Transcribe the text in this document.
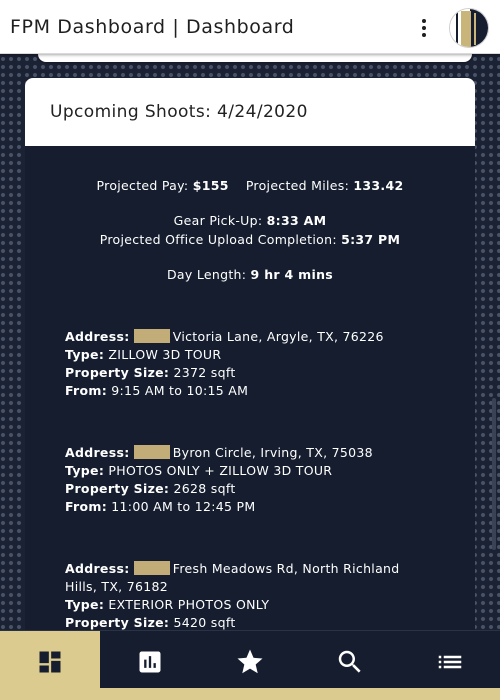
FPM Dashboard | Dashboard
Upcoming Shoots: 4/24/2020
Projected Pay: $155 Projected Miles: 133.42
Gear Pick-Up: 8:33 AM
Projected Office Upload Completion: 5:37 PM
Day Length: 9 hr 4 mins
Address:	Victoria Lane, Argyle, TX, 76226
Type: ZILLOW 3D TOUR
Property Size: 2372 sqft
From: 9:15 AM to 10:15 AM
Address:	Byron Circle, Irving, TX, 75038
Type: PHOTOS ONLY + ZILLOW 3D TOUR
Property Size: 2628 sqft
From: 11:00 AM to 12:45 PM
Address:	Fresh Meadows Rd, North Richland Hills, TX, 76182
Type: EXTERIOR PHOTOS ONLY
Property Size: 5420 sqft
